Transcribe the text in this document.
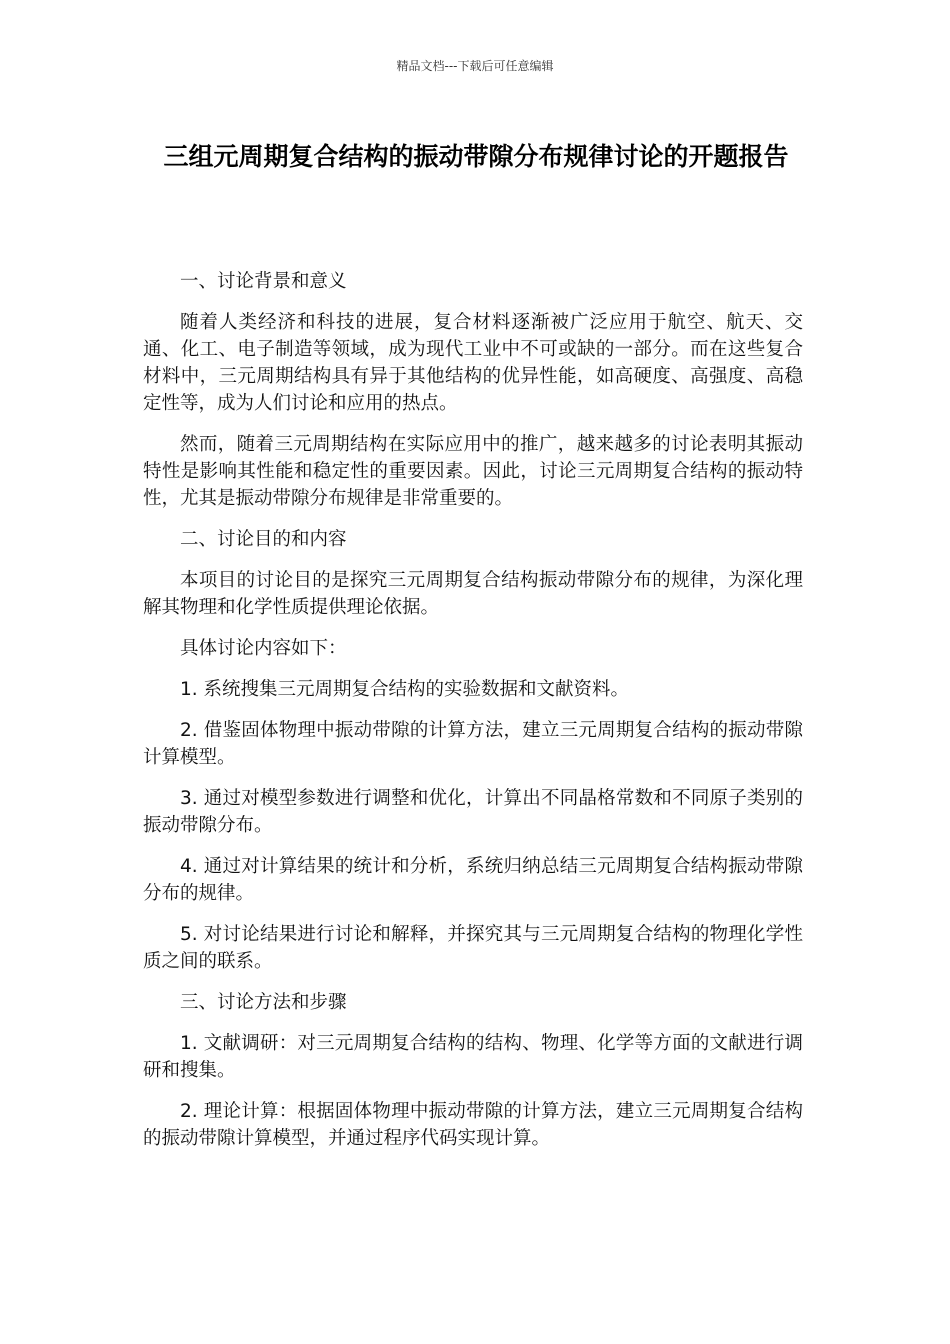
精品文档---下载后可任意编辑
三组元周期复合结构的振动带隙分布规律讨论的开题报告

一、讨论背景和意义

随着人类经济和科技的进展，复合材料逐渐被广泛应用于航空、航天、交通、化工、电子制造等领域，成为现代工业中不可或缺的一部分。而在这些复合材料中，三元周期结构具有异于其他结构的优异性能，如高硬度、高强度、高稳定性等，成为人们讨论和应用的热点。

然而，随着三元周期结构在实际应用中的推广，越来越多的讨论表明其振动特性是影响其性能和稳定性的重要因素。因此，讨论三元周期复合结构的振动特性，尤其是振动带隙分布规律是非常重要的。

二、讨论目的和内容

本项目的讨论目的是探究三元周期复合结构振动带隙分布的规律，为深化理解其物理和化学性质提供理论依据。

具体讨论内容如下：

1. 系统搜集三元周期复合结构的实验数据和文献资料。

2. 借鉴固体物理中振动带隙的计算方法，建立三元周期复合结构的振动带隙计算模型。

3. 通过对模型参数进行调整和优化，计算出不同晶格常数和不同原子类别的振动带隙分布。

4. 通过对计算结果的统计和分析，系统归纳总结三元周期复合结构振动带隙分布的规律。

5. 对讨论结果进行讨论和解释，并探究其与三元周期复合结构的物理化学性质之间的联系。

三、讨论方法和步骤

1. 文献调研：对三元周期复合结构的结构、物理、化学等方面的文献进行调研和搜集。

2. 理论计算：根据固体物理中振动带隙的计算方法，建立三元周期复合结构的振动带隙计算模型，并通过程序代码实现计算。
